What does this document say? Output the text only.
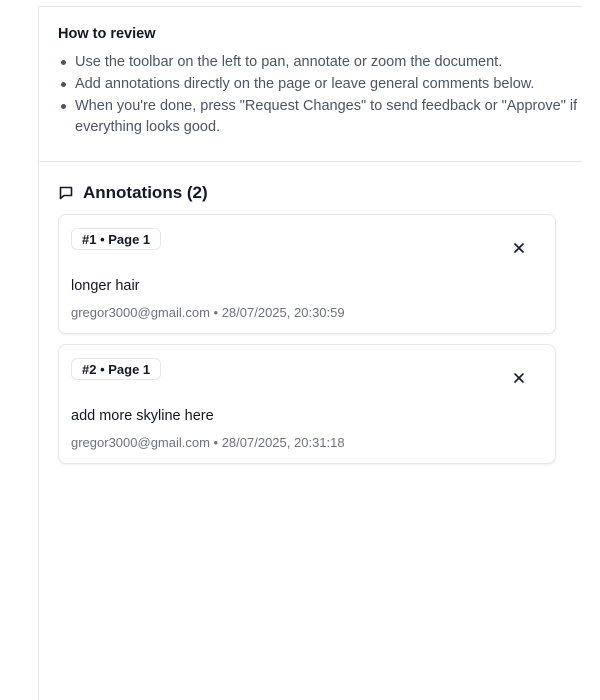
How to review
Use the toolbar on the left to pan, annotate or zoom the document.
Add annotations directly on the page or leave general comments below.
When you're done, press "Request Changes" to send feedback or "Approve" if everything looks good.
Annotations (2)
#1 • Page 1
longer hair
gregor3000@gmail.com • 28/07/2025, 20:30:59
#2 • Page 1
add more skyline here
gregor3000@gmail.com • 28/07/2025, 20:31:18
